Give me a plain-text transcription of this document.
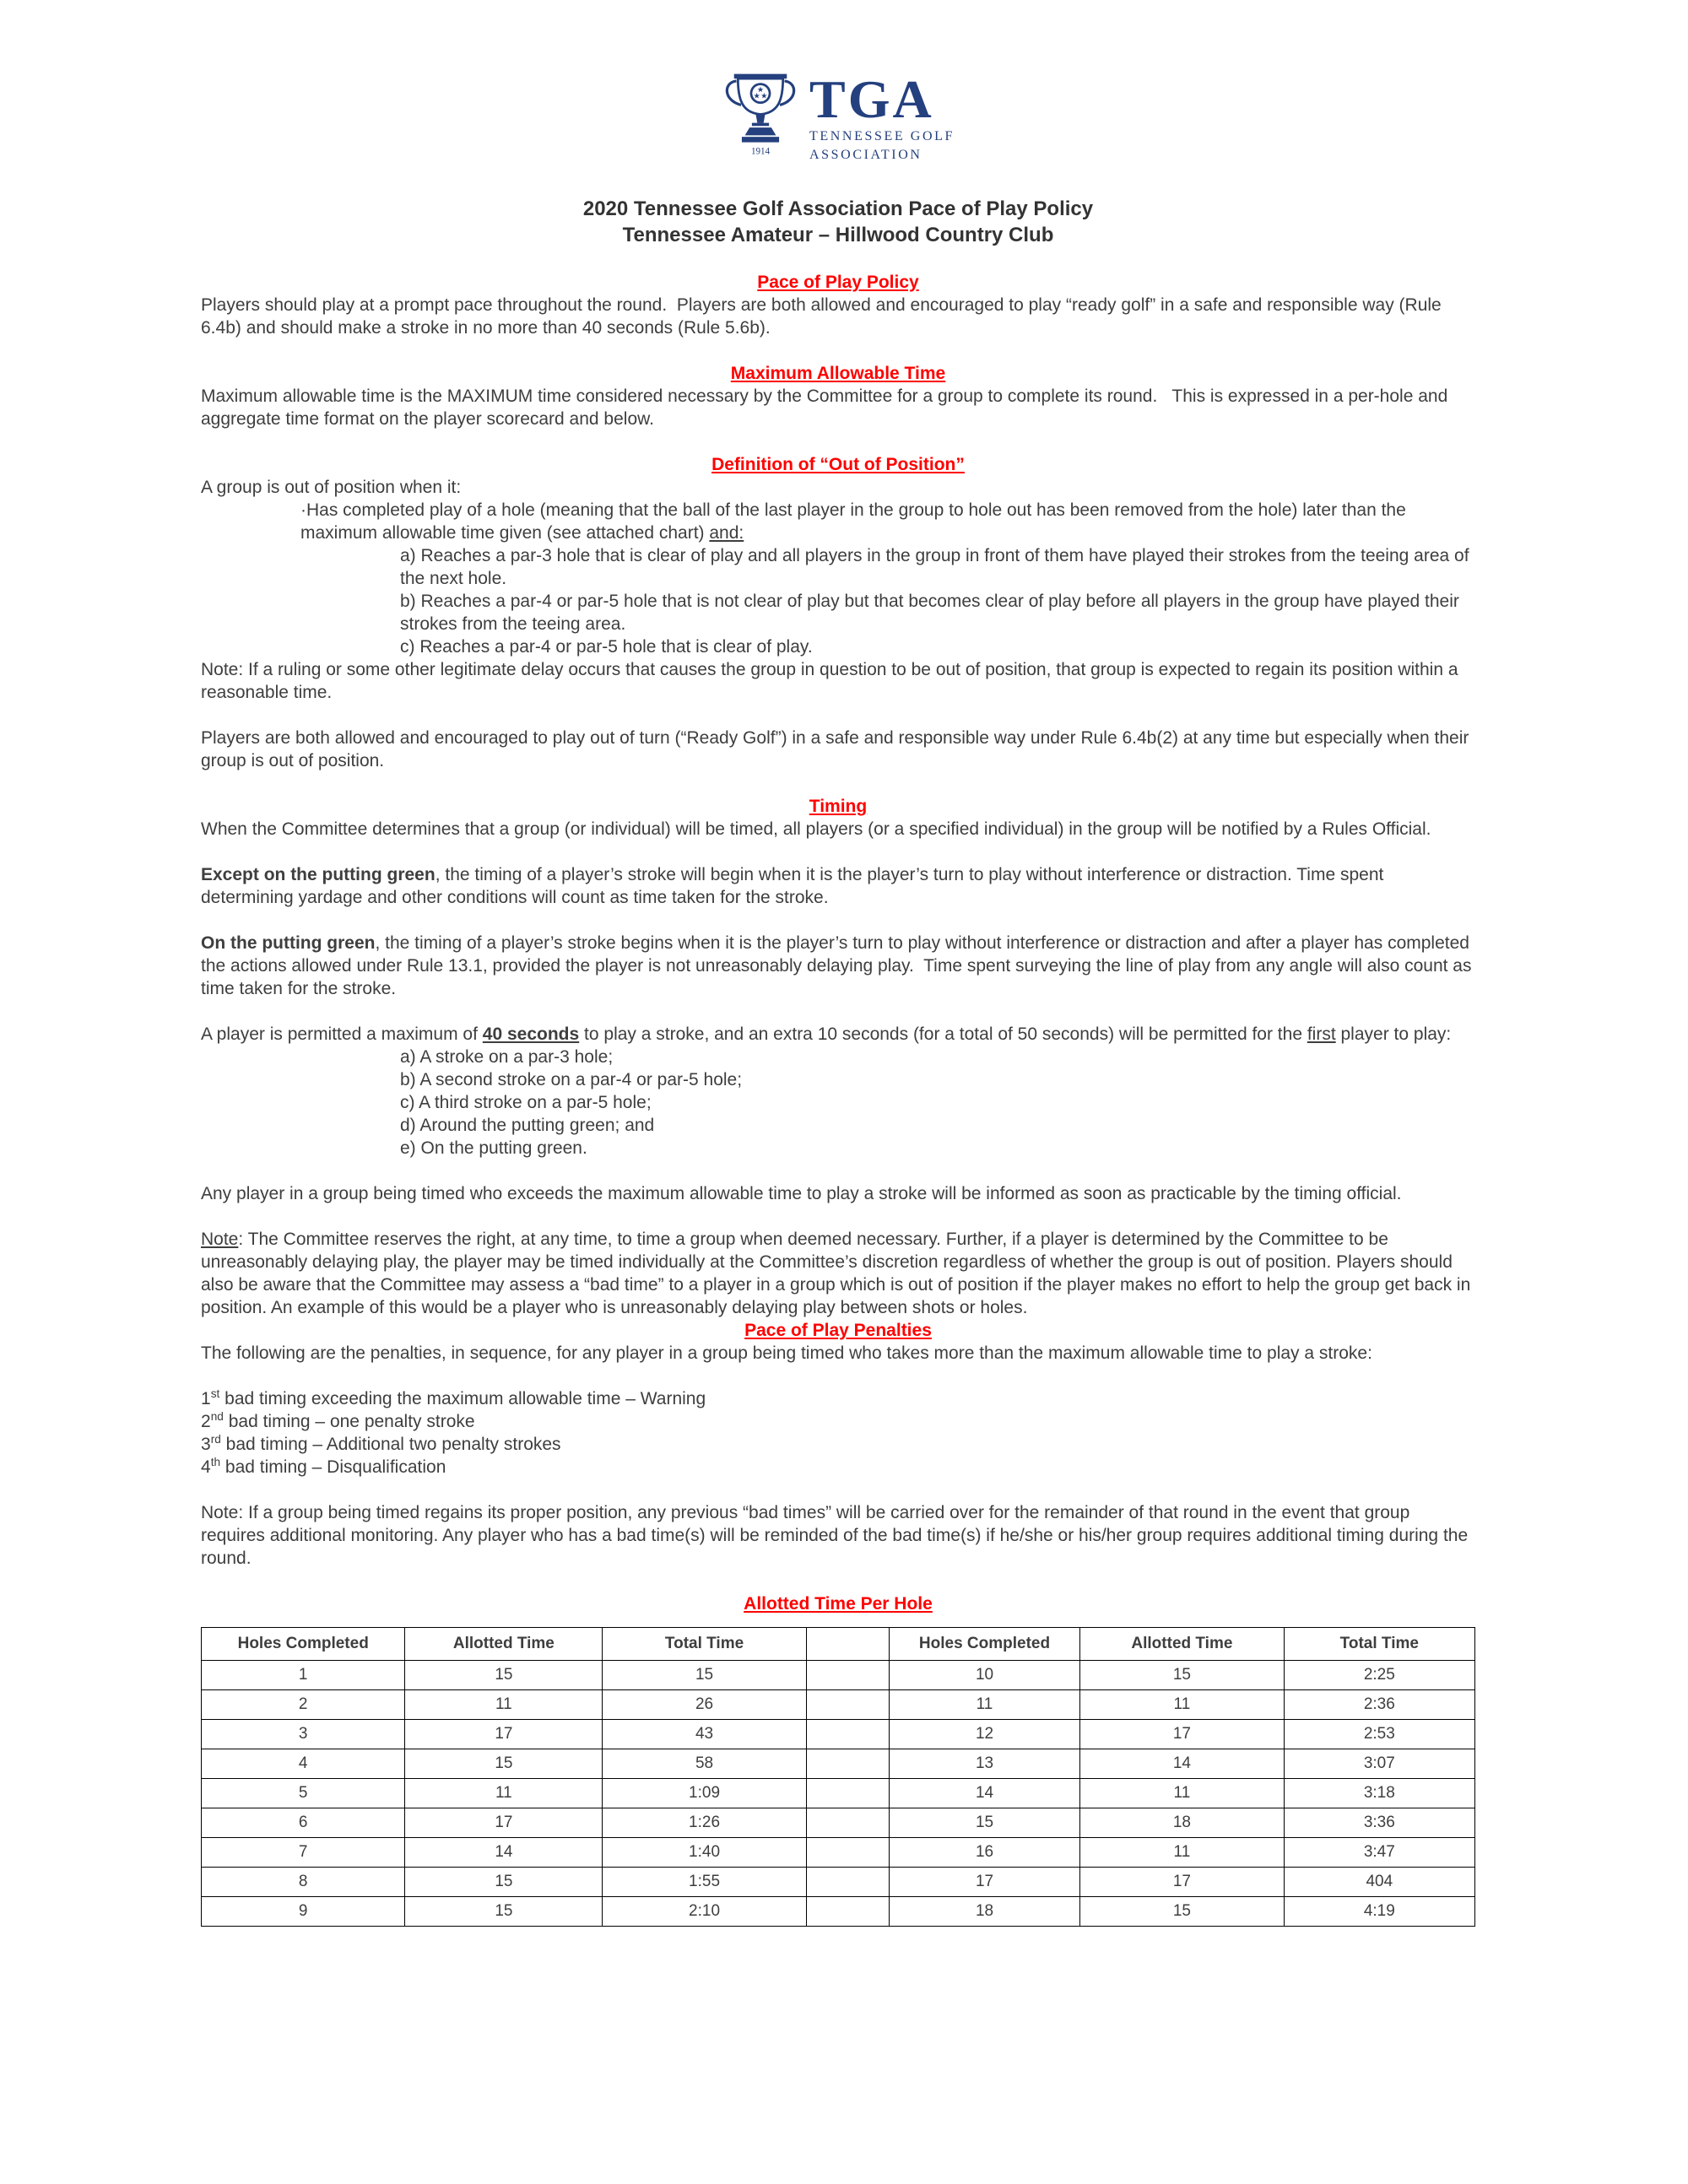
1914
TGA
TENNESSEE GOLF
ASSOCIATION
2020 Tennessee Golf Association Pace of Play Policy
Tennessee Amateur – Hillwood Country Club
Pace of Play Policy
Players should play at a prompt pace throughout the round.  Players are both allowed and encouraged to play “ready golf” in a safe and responsible way (Rule 6.4b) and should make a stroke in no more than 40 seconds (Rule 5.6b).
Maximum Allowable Time
Maximum allowable time is the MAXIMUM time considered necessary by the Committee for a group to complete its round.   This is expressed in a per-hole and aggregate time format on the player scorecard and below.
Definition of “Out of Position”
A group is out of position when it:
·Has completed play of a hole (meaning that the ball of the last player in the group to hole out has been removed from the hole) later than the maximum allowable time given (see attached chart) and:
a) Reaches a par-3 hole that is clear of play and all players in the group in front of them have played their strokes from the teeing area of the next hole.
b) Reaches a par-4 or par-5 hole that is not clear of play but that becomes clear of play before all players in the group have played their strokes from the teeing area.
c) Reaches a par-4 or par-5 hole that is clear of play.
Note: If a ruling or some other legitimate delay occurs that causes the group in question to be out of position, that group is expected to regain its position within a reasonable time.
Players are both allowed and encouraged to play out of turn (“Ready Golf”) in a safe and responsible way under Rule 6.4b(2) at any time but especially when their group is out of position.
Timing
When the Committee determines that a group (or individual) will be timed, all players (or a specified individual) in the group will be notified by a Rules Official.
Except on the putting green, the timing of a player’s stroke will begin when it is the player’s turn to play without interference or distraction. Time spent determining yardage and other conditions will count as time taken for the stroke.
On the putting green, the timing of a player’s stroke begins when it is the player’s turn to play without interference or distraction and after a player has completed the actions allowed under Rule 13.1, provided the player is not unreasonably delaying play.  Time spent surveying the line of play from any angle will also count as time taken for the stroke.
A player is permitted a maximum of 40 seconds to play a stroke, and an extra 10 seconds (for a total of 50 seconds) will be permitted for the first player to play:
a) A stroke on a par-3 hole;
b) A second stroke on a par-4 or par-5 hole;
c) A third stroke on a par-5 hole;
d) Around the putting green; and
e) On the putting green.
Any player in a group being timed who exceeds the maximum allowable time to play a stroke will be informed as soon as practicable by the timing official.
Note: The Committee reserves the right, at any time, to time a group when deemed necessary. Further, if a player is determined by the Committee to be unreasonably delaying play, the player may be timed individually at the Committee’s discretion regardless of whether the group is out of position. Players should also be aware that the Committee may assess a “bad time” to a player in a group which is out of position if the player makes no effort to help the group get back in position. An example of this would be a player who is unreasonably delaying play between shots or holes.
Pace of Play Penalties
The following are the penalties, in sequence, for any player in a group being timed who takes more than the maximum allowable time to play a stroke:
1st bad timing exceeding the maximum allowable time – Warning
2nd bad timing – one penalty stroke
3rd bad timing – Additional two penalty strokes
4th bad timing – Disqualification
Note: If a group being timed regains its proper position, any previous “bad times” will be carried over for the remainder of that round in the event that group requires additional monitoring. Any player who has a bad time(s) will be reminded of the bad time(s) if he/she or his/her group requires additional timing during the round.
Allotted Time Per Hole
Holes Completed	Allotted Time	Total Time		Holes Completed	Allotted Time	Total Time
1	15	15		10	15	2:25
2	11	26		11	11	2:36
3	17	43		12	17	2:53
4	15	58		13	14	3:07
5	11	1:09		14	11	3:18
6	17	1:26		15	18	3:36
7	14	1:40		16	11	3:47
8	15	1:55		17	17	404
9	15	2:10		18	15	4:19
